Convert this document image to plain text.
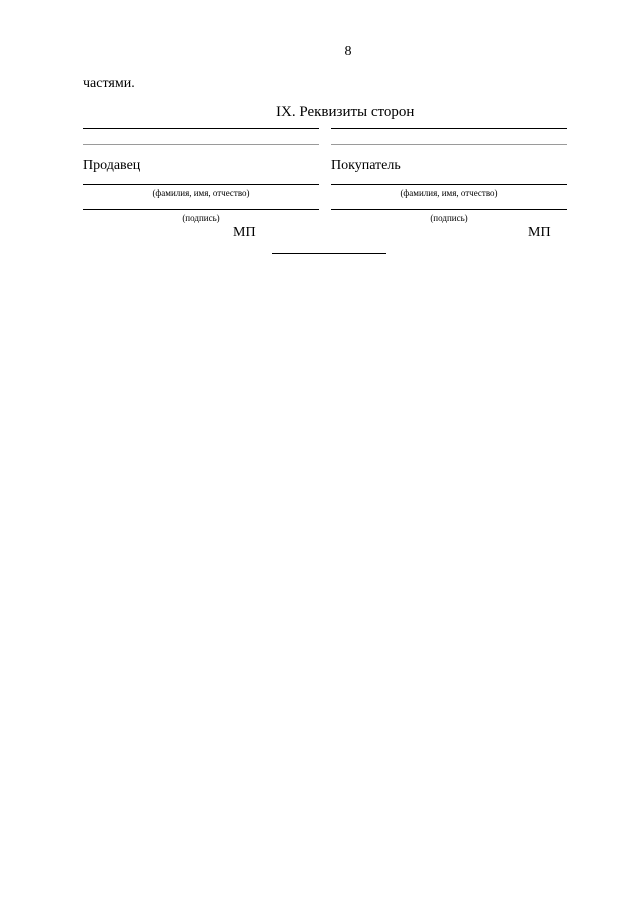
8
частями.
IX. Реквизиты сторон
Продавец
(фамилия, имя, отчество)
(подпись)
МП
Покупатель
(фамилия, имя, отчество)
(подпись)
МП
